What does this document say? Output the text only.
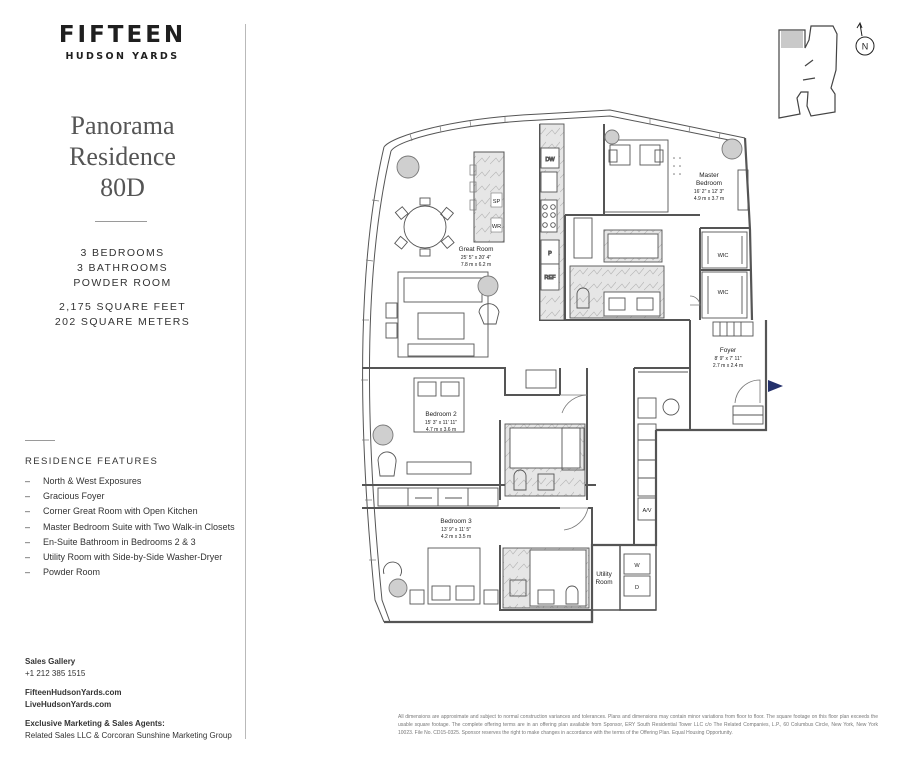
FIFTEEN
HUDSON YARDS
Panorama
Residence
80D
3 BEDROOMS
3 BATHROOMS
POWDER ROOM
2,175 SQUARE FEET
202 SQUARE METERS
RESIDENCE FEATURES
– North & West Exposures
– Gracious Foyer
– Corner Great Room with Open Kitchen
– Master Bedroom Suite with Two Walk-in Closets
– En-Suite Bathroom in Bedrooms 2 & 3
– Utility Room with Side-by-Side Washer-Dryer
– Powder Room
Sales Gallery
+1 212 385 1515
FifteenHudsonYards.com
LiveHudsonYards.com
Exclusive Marketing & Sales Agents:
Related Sales LLC & Corcoran Sunshine Marketing Group
All dimensions are approximate and subject to normal construction variances and tolerances. Plans and dimensions may contain minor variations from floor to floor. The square footage on this floor plan exceeds the usable square footage. The complete offering terms are in an offering plan available from Sponsor, ERY South Residential Tower LLC c/o The Related Companies, L.P., 60 Columbus Circle, New York, New York 10023. File No. CD15-0325. Sponsor reserves the right to make changes in accordance with the terms of the Offering Plan. Equal Housing Opportunity.
N
SP
WR
DW
P
REF
Great Room
25' 5" x 20' 4"
7.8 m x 6.2 m
Master
Bedroom
16' 2" x 12' 3"
4.9 m x 3.7 m
WIC
WIC
Foyer
8' 9" x 7' 11"
2.7 m x 2.4 m
Bedroom 2
15' 3" x 11' 11"
4.7 m x 3.6 m
Bedroom 3
13' 9" x 11' 5"
4.2 m x 3.5 m
A/V
W
D
Utility
Room
